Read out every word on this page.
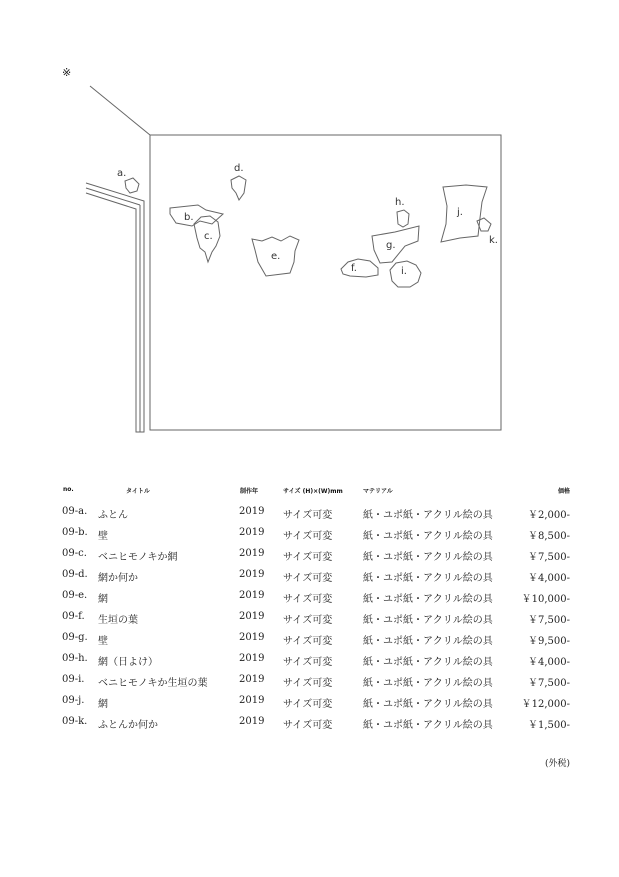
※
a.
b.
c.
d.
e.
f.
g.
h.
i.
j.
k.
no.	タイトル	制作年	サイズ (H)×(W)mm	マテリアル	価格
09-a. ふとん	2019 サイズ可変	紙・ユポ紙・アクリル絵の具	￥2,000-
09-b. 壁	2019 サイズ可変	紙・ユポ紙・アクリル絵の具	￥8,500-
09-c. ベニヒモノキか網	2019 サイズ可変	紙・ユポ紙・アクリル絵の具	￥7,500-
09-d. 網か何か	2019 サイズ可変	紙・ユポ紙・アクリル絵の具	￥4,000-
09-e. 網	2019 サイズ可変	紙・ユポ紙・アクリル絵の具	￥10,000-
09-f. 生垣の葉	2019 サイズ可変	紙・ユポ紙・アクリル絵の具	￥7,500-
09-g. 壁	2019 サイズ可変	紙・ユポ紙・アクリル絵の具	￥9,500-
09-h. 網（日よけ）	2019 サイズ可変	紙・ユポ紙・アクリル絵の具	￥4,000-
09-i. ベニヒモノキか生垣の葉	2019 サイズ可変	紙・ユポ紙・アクリル絵の具	￥7,500-
09-j. 網	2019 サイズ可変	紙・ユポ紙・アクリル絵の具	￥12,000-
09-k. ふとんか何か	2019 サイズ可変	紙・ユポ紙・アクリル絵の具	￥1,500-
(外税)
